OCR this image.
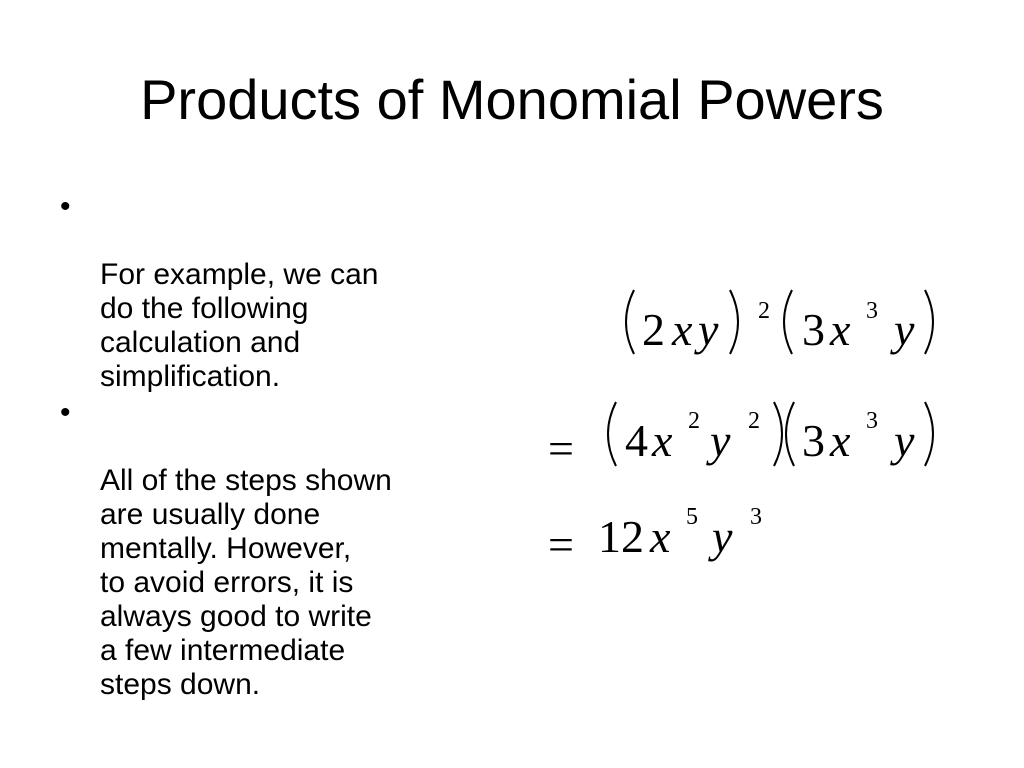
Products of Monomial Powers

•

For example, we can
do the following
calculation and
simplification.

•

All of the steps shown
are usually done
mentally. However,
to avoid errors, it is
always good to write
a few intermediate
steps down.

2 x y 2 3 x 3 y
= 4 x 2 y 2 3 x 3 y
= 12 x 5 y 3
